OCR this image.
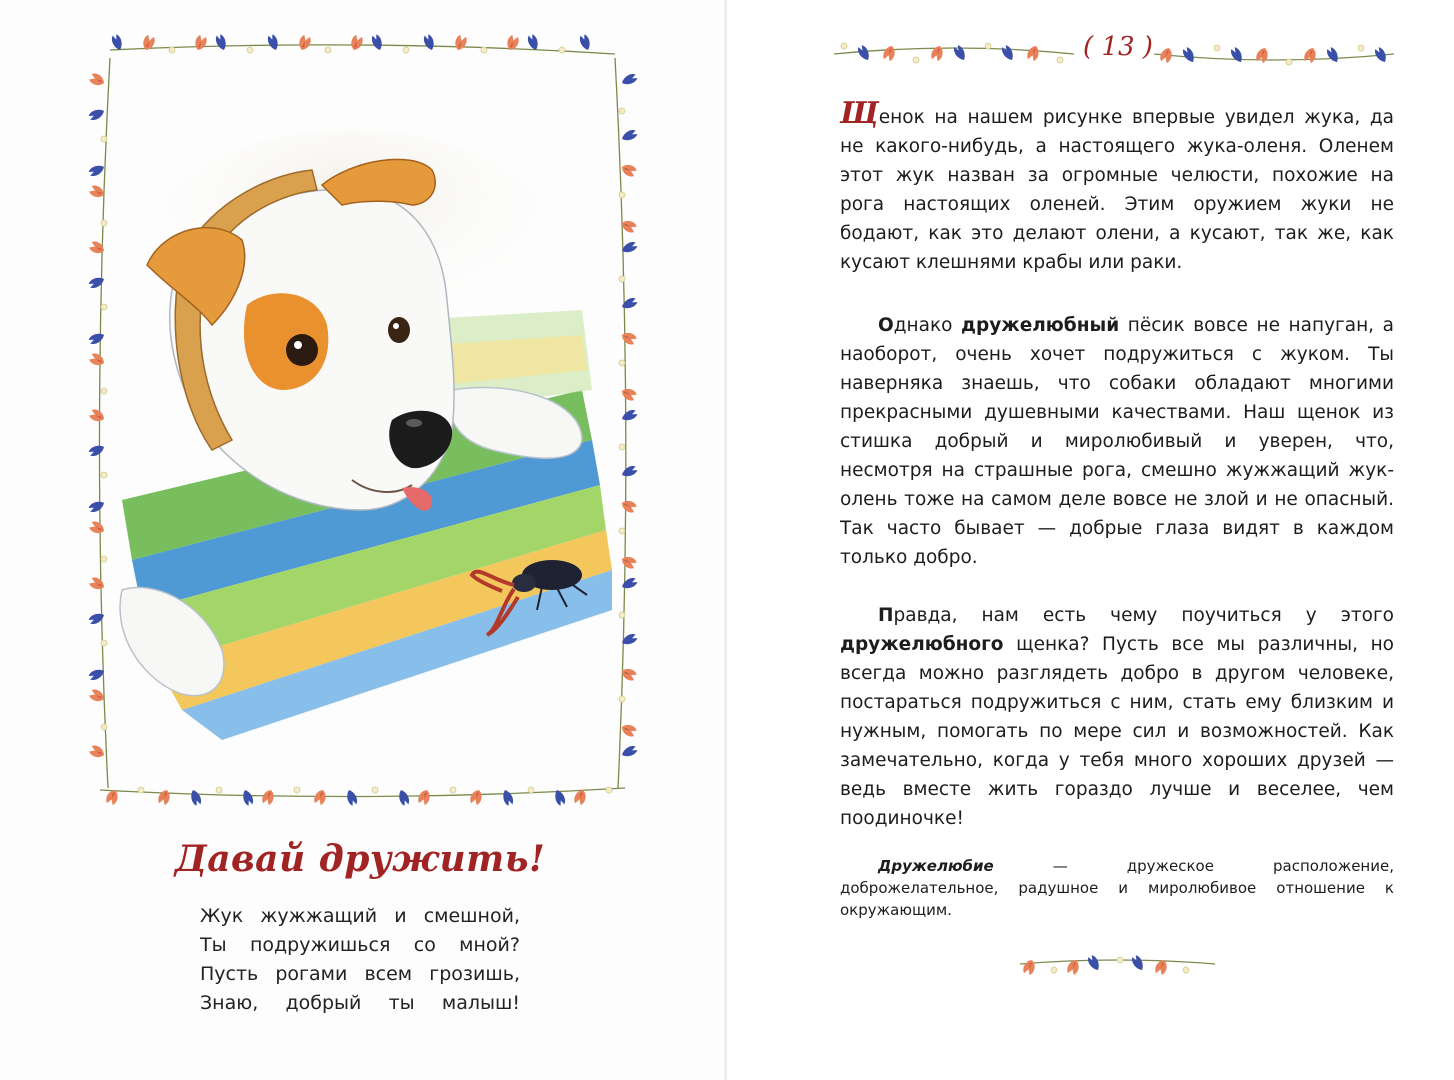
Давай дружить!
Жук жужжащий и смешной,
Ты подружишься со мной?
Пусть рогами всем грозишь,
Знаю, добрый ты малыш!
( 13 )

Щенок на нашем рисунке впервые увидел жука, да не какого-нибудь, а настоящего жука-оленя. Оленем этот жук назван за огромные челюсти, похожие на рога настоящих оленей. Этим оружием жуки не бодают, как это делают олени, а кусают, так же, как кусают клешнями крабы или раки.

Однако дружелюбный пёсик вовсе не напуган, а наоборот, очень хочет подружиться с жуком. Ты наверняка знаешь, что собаки обладают многими прекрасными душевными качествами. Наш щенок из стишка добрый и миролюбивый и уверен, что, несмотря на страшные рога, смешно жужжащий жук-олень тоже на самом деле вовсе не злой и не опасный. Так часто бывает — добрые глаза видят в каждом только добро.

Правда, нам есть чему поучиться у этого дружелюбного щенка? Пусть все мы различны, но всегда можно разглядеть добро в другом человеке, постараться подружиться с ним, стать ему близким и нужным, помогать по мере сил и возможностей. Как замечательно, когда у тебя много хороших друзей — ведь вместе жить гораздо лучше и веселее, чем поодиночке!

Дружелюбие — дружеское расположение, доброжелательное, радушное и миролюбивое отношение к окружающим.
